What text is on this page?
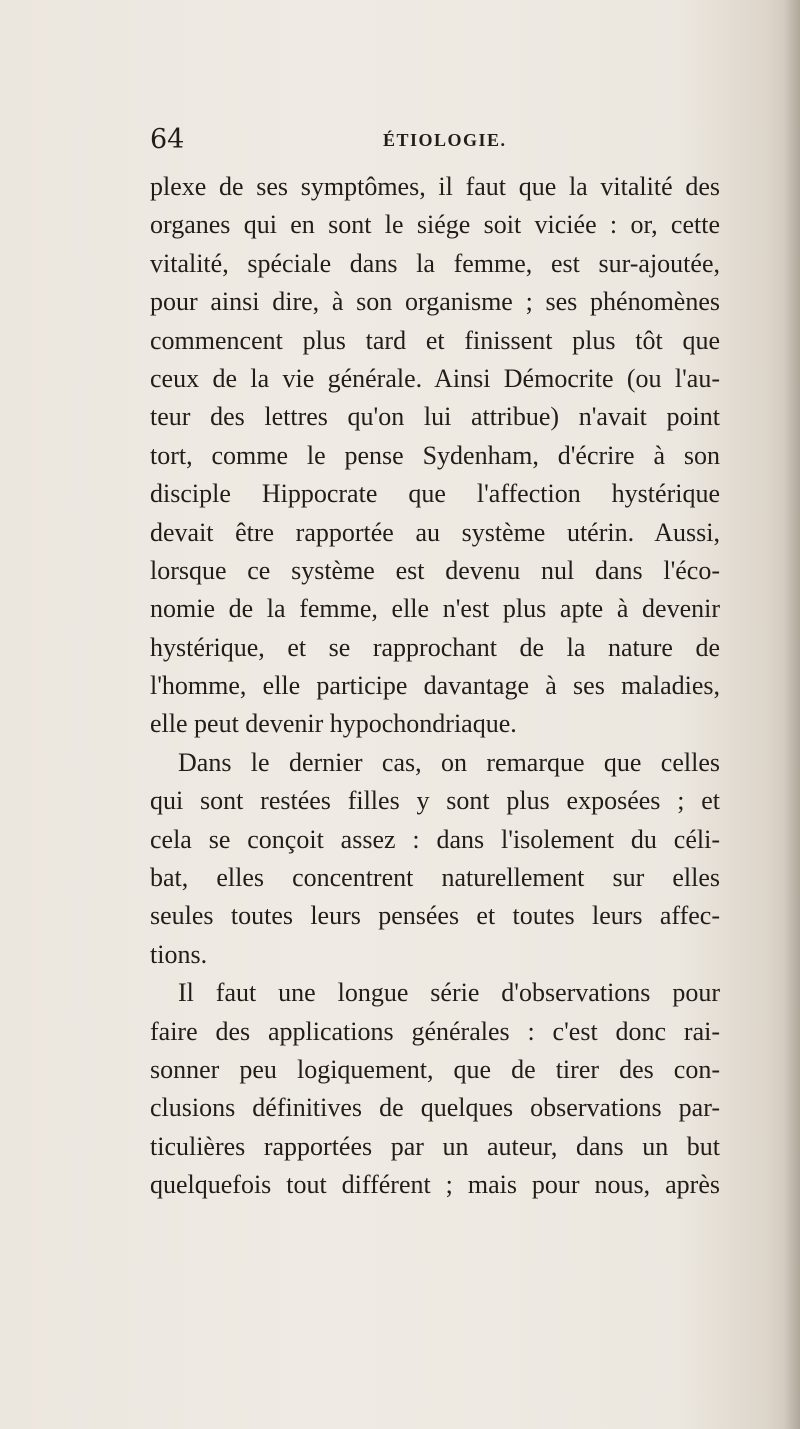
64	ÉTIOLOGIE.
plexe de ses symptômes, il faut que la vitalité des
organes qui en sont le siége soit viciée : or, cette
vitalité, spéciale dans la femme, est sur-ajoutée,
pour ainsi dire, à son organisme ; ses phénomènes
commencent plus tard et finissent plus tôt que
ceux de la vie générale. Ainsi Démocrite (ou l'au-
teur des lettres qu'on lui attribue) n'avait point
tort, comme le pense Sydenham, d'écrire à son
disciple Hippocrate que l'affection hystérique
devait être rapportée au système utérin. Aussi,
lorsque ce système est devenu nul dans l'éco-
nomie de la femme, elle n'est plus apte à devenir
hystérique, et se rapprochant de la nature de
l'homme, elle participe davantage à ses maladies,
elle peut devenir hypochondriaque.
Dans le dernier cas, on remarque que celles
qui sont restées filles y sont plus exposées ; et
cela se conçoit assez : dans l'isolement du céli-
bat, elles concentrent naturellement sur elles
seules toutes leurs pensées et toutes leurs affec-
tions.
Il faut une longue série d'observations pour
faire des applications générales : c'est donc rai-
sonner peu logiquement, que de tirer des con-
clusions définitives de quelques observations par-
ticulières rapportées par un auteur, dans un but
quelquefois tout différent ; mais pour nous, après
